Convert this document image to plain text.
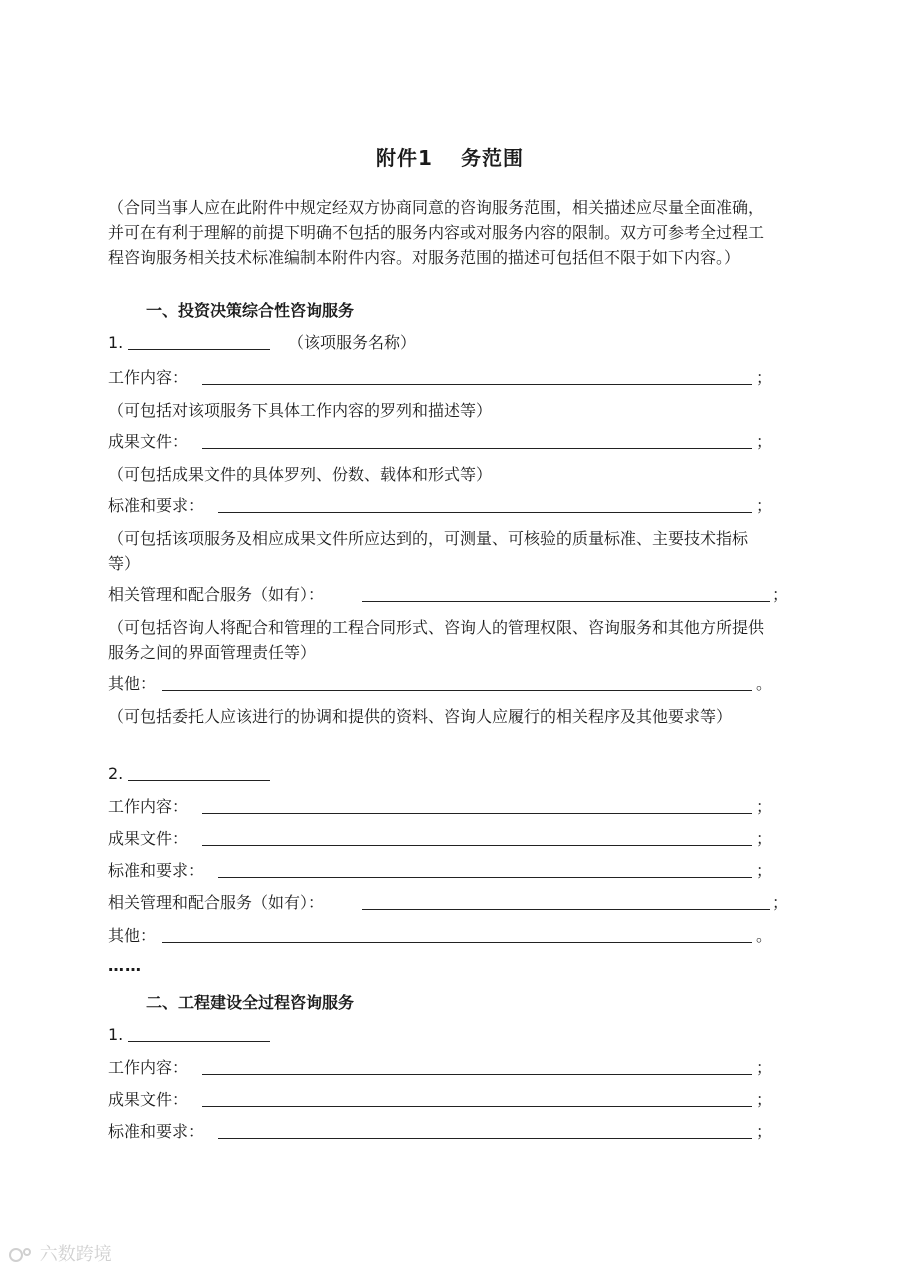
附件1 务范围

（合同当事人应在此附件中规定经双方协商同意的咨询服务范围，相关描述应尽量全面准确，并可在有利于理解的前提下明确不包括的服务内容或对服务内容的限制。双方可参考全过程工程咨询服务相关技术标准编制本附件内容。对服务范围的描述可包括但不限于如下内容。）

一、投资决策综合性咨询服务
1.	（该项服务名称）
工作内容：	；
（可包括对该项服务下具体工作内容的罗列和描述等）
成果文件：	；
（可包括成果文件的具体罗列、份数、载体和形式等）
标准和要求：	；
（可包括该项服务及相应成果文件所应达到的，可测量、可核验的质量标准、主要技术指标等）
相关管理和配合服务（如有）：	；
（可包括咨询人将配合和管理的工程合同形式、咨询人的管理权限、咨询服务和其他方所提供服务之间的界面管理责任等）
其他：	。
（可包括委托人应该进行的协调和提供的资料、咨询人应履行的相关程序及其他要求等）
2.
工作内容：	；
成果文件：	；
标准和要求：	；
相关管理和配合服务（如有）：	；
其他：	。
……
二、工程建设全过程咨询服务
1.
工作内容：	；
成果文件：	；
标准和要求：	；
六数跨境
